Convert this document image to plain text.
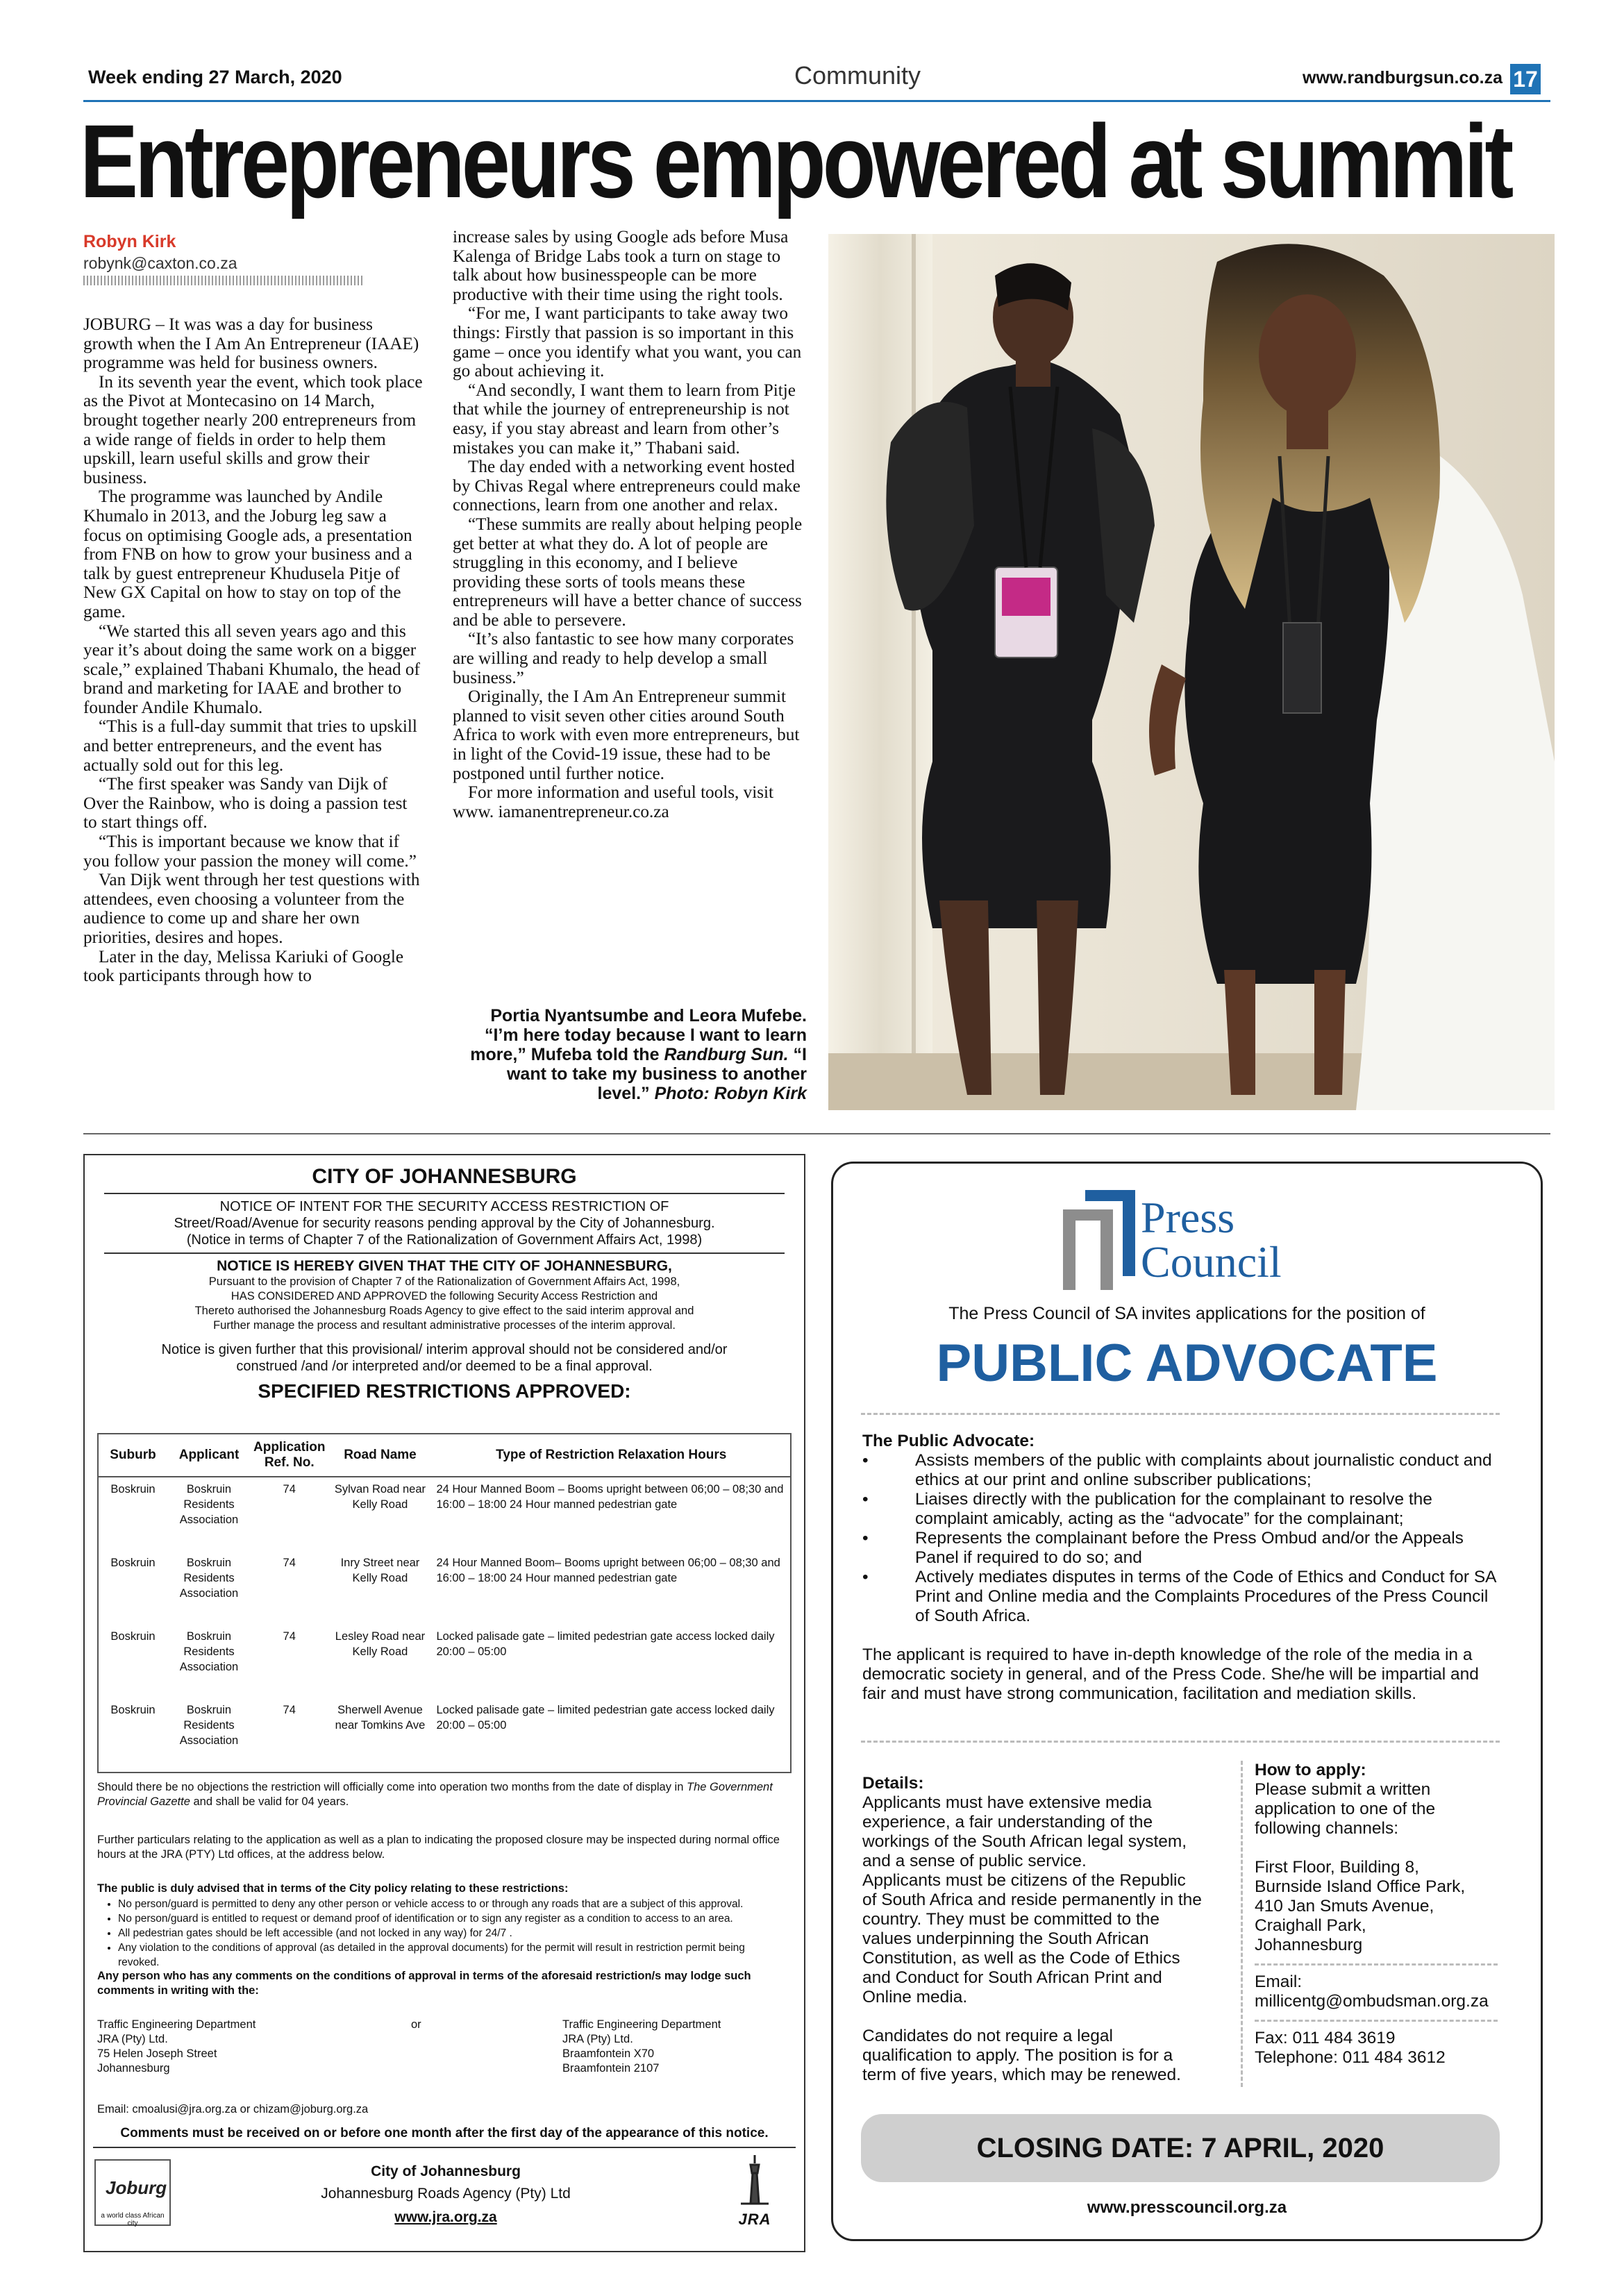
Week ending 27 March, 2020	Community	www.randburgsun.co.za 17
Entrepreneurs empowered at summit
Robyn Kirk
robynk@caxton.co.za

JOBURG – It was was a day for business growth when the I Am An Entrepreneur (IAAE) programme was held for business owners.

In its seventh year the event, which took place as the Pivot at Montecasino on 14 March, brought together nearly 200 entrepreneurs from a wide range of fields in order to help them upskill, learn useful skills and grow their business.

The programme was launched by Andile Khumalo in 2013, and the Joburg leg saw a focus on optimising Google ads, a presentation from FNB on how to grow your business and a talk by guest entrepreneur Khudusela Pitje of New GX Capital on how to stay on top of the game.

“We started this all seven years ago and this year it’s about doing the same work on a bigger scale,” explained Thabani Khumalo, the head of brand and marketing for IAAE and brother to founder Andile Khumalo.

“This is a full-day summit that tries to upskill and better entrepreneurs, and the event has actually sold out for this leg.

“The first speaker was Sandy van Dijk of Over the Rainbow, who is doing a passion test to start things off.

“This is important because we know that if you follow your passion the money will come.”

Van Dijk went through her test questions with attendees, even choosing a volunteer from the audience to come up and share her own priorities, desires and hopes.

Later in the day, Melissa Kariuki of Google took participants through how to

increase sales by using Google ads before Musa Kalenga of Bridge Labs took a turn on stage to talk about how businesspeople can be more productive with their time using the right tools.

“For me, I want participants to take away two things: Firstly that passion is so important in this game – once you identify what you want, you can go about achieving it.

“And secondly, I want them to learn from Pitje that while the journey of entrepreneurship is not easy, if you stay abreast and learn from other’s mistakes you can make it,” Thabani said.

The day ended with a networking event hosted by Chivas Regal where entrepreneurs could make connections, learn from one another and relax.

“These summits are really about helping people get better at what they do. A lot of people are struggling in this economy, and I believe providing these sorts of tools means these entrepreneurs will have a better chance of success and be able to persevere.

“It’s also fantastic to see how many corporates are willing and ready to help develop a small business.”

Originally, the I Am An Entrepreneur summit planned to visit seven other cities around South Africa to work with even more entrepreneurs, but in light of the Covid-19 issue, these had to be postponed until further notice.

For more information and useful tools, visit www. iamanentrepreneur.co.za

Portia Nyantsumbe and Leora Mufebe. “I’m here today because I want to learn more,” Mufeba told the Randburg Sun. “I want to take my business to another level.” Photo: Robyn Kirk
CITY OF JOHANNESBURG
NOTICE OF INTENT FOR THE SECURITY ACCESS RESTRICTION OF
Street/Road/Avenue for security reasons pending approval by the City of Johannesburg.
(Notice in terms of Chapter 7 of the Rationalization of Government Affairs Act, 1998)
NOTICE IS HEREBY GIVEN THAT THE CITY OF JOHANNESBURG,
Pursuant to the provision of Chapter 7 of the Rationalization of Government Affairs Act, 1998,
HAS CONSIDERED AND APPROVED the following Security Access Restriction and
Thereto authorised the Johannesburg Roads Agency to give effect to the said interim approval and
Further manage the process and resultant administrative processes of the interim approval.
Notice is given further that this provisional/ interim approval should not be considered and/or construed /and /or interpreted and/or deemed to be a final approval.
SPECIFIED RESTRICTIONS APPROVED:
Suburb	Applicant	Application Ref. No.	Road Name	Type of Restriction Relaxation Hours
Boskruin	Boskruin Residents Association	74	Sylvan Road near Kelly Road	24 Hour Manned Boom – Booms upright between 06;00 – 08;30 and 16:00 – 18:00 24 Hour manned pedestrian gate
Boskruin	Boskruin Residents Association	74	Inry Street near Kelly Road	24 Hour Manned Boom– Booms upright between 06;00 – 08;30 and 16:00 – 18:00 24 Hour manned pedestrian gate
Boskruin	Boskruin Residents Association	74	Lesley Road near Kelly Road	Locked palisade gate – limited pedestrian gate access locked daily 20:00 – 05:00
Boskruin	Boskruin Residents Association	74	Sherwell Avenue near Tomkins Ave	Locked palisade gate – limited pedestrian gate access locked daily 20:00 – 05:00
Should there be no objections the restriction will officially come into operation two months from the date of display in The Government Provincial Gazette and shall be valid for 04 years.
Further particulars relating to the application as well as a plan to indicating the proposed closure may be inspected during normal office hours at the JRA (PTY) Ltd offices, at the address below.
The public is duly advised that in terms of the City policy relating to these restrictions:
• No person/guard is permitted to deny any other person or vehicle access to or through any roads that are a subject of this approval.
• No person/guard is entitled to request or demand proof of identification or to sign any register as a condition to access to an area.
• All pedestrian gates should be left accessible (and not locked in any way) for 24/7 .
• Any violation to the conditions of approval (as detailed in the approval documents) for the permit will result in restriction permit being revoked.
Any person who has any comments on the conditions of approval in terms of the aforesaid restriction/s may lodge such comments in writing with the:
Traffic Engineering Department
JRA (Pty) Ltd.
75 Helen Joseph Street
Johannesburg
or	Traffic Engineering Department
JRA (Pty) Ltd.
Braamfontein X70
Braamfontein 2107
Email: cmoalusi@jra.org.za or chizam@joburg.org.za
Comments must be received on or before one month after the first day of the appearance of this notice.
Joburg
a world class African city
City of Johannesburg
Johannesburg Roads Agency (Pty) Ltd
www.jra.org.za	JRA
Press
Council
The Press Council of SA invites applications for the position of
PUBLIC ADVOCATE
The Public Advocate:
• Assists members of the public with complaints about journalistic conduct and ethics at our print and online subscriber publications;
• Liaises directly with the publication for the complainant to resolve the complaint amicably, acting as the “advocate” for the complainant;
• Represents the complainant before the Press Ombud and/or the Appeals Panel if required to do so; and
• Actively mediates disputes in terms of the Code of Ethics and Conduct for SA Print and Online media and the Complaints Procedures of the Press Council of South Africa.
The applicant is required to have in-depth knowledge of the role of the media in a democratic society in general, and of the Press Code. She/he will be impartial and fair and must have strong communication, facilitation and mediation skills.
Details:
Applicants must have extensive media experience, a fair understanding of the workings of the South African legal system, and a sense of public service.
Applicants must be citizens of the Republic of South Africa and reside permanently in the country. They must be committed to the values underpinning the South African Constitution, as well as the Code of Ethics and Conduct for South African Print and Online media.
Candidates do not require a legal qualification to apply. The position is for a term of five years, which may be renewed.
How to apply:
Please submit a written application to one of the following channels:
First Floor, Building 8,
Burnside Island Office Park,
410 Jan Smuts Avenue,
Craighall Park,
Johannesburg
Email:
millicentg@ombudsman.org.za
Fax: 011 484 3619
Telephone: 011 484 3612
CLOSING DATE: 7 APRIL, 2020
www.presscouncil.org.za
